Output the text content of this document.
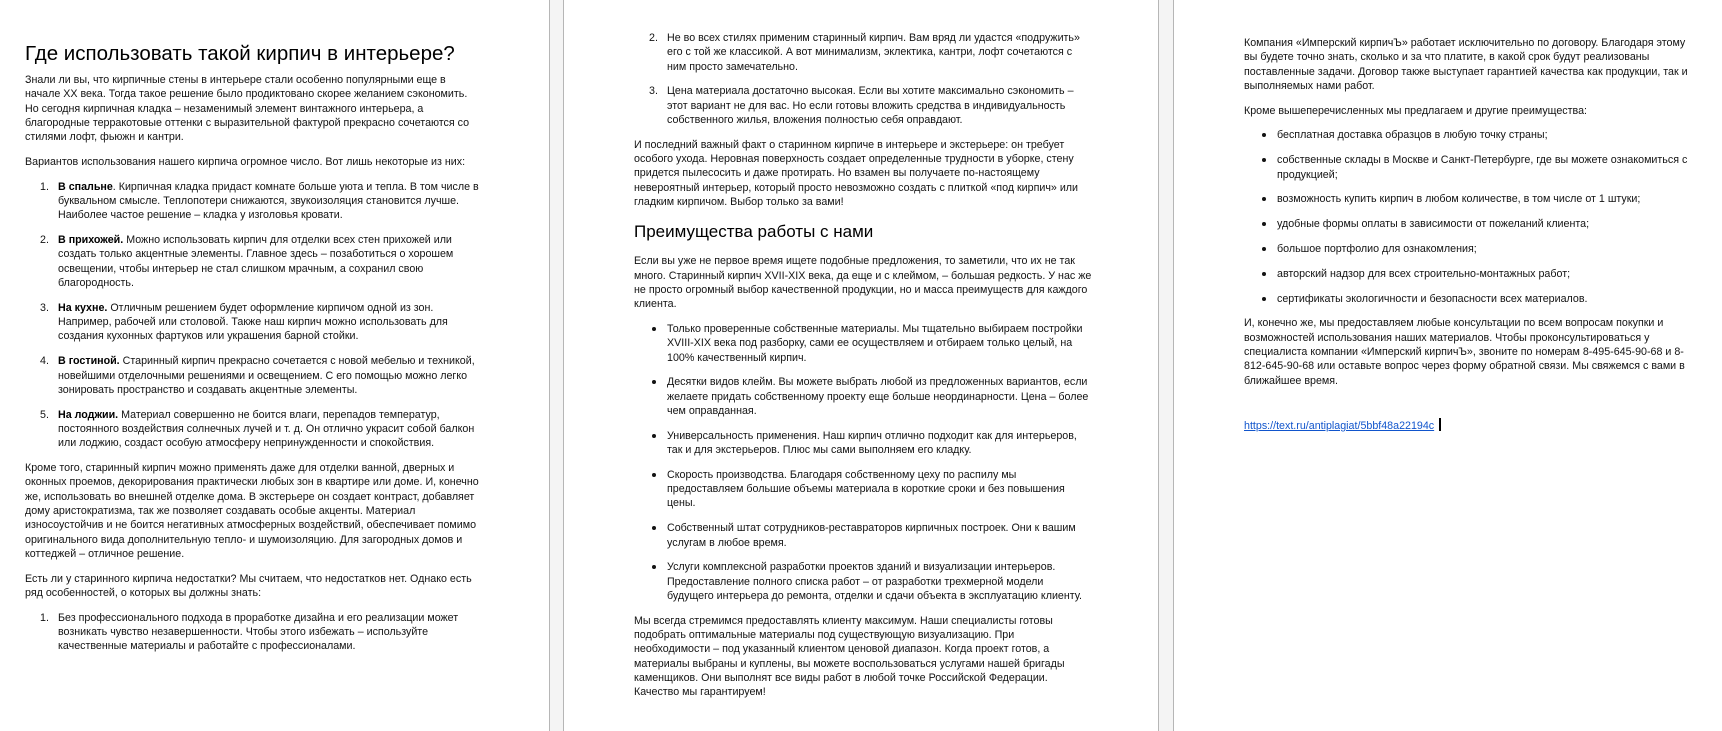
Где использовать такой кирпич в интерьере?

Знали ли вы, что кирпичные стены в интерьере стали особенно популярными еще в начале XX века. Тогда такое решение было продиктовано скорее желанием сэкономить. Но сегодня кирпичная кладка – незаменимый элемент винтажного интерьера, а благородные терракотовые оттенки с выразительной фактурой прекрасно сочетаются со стилями лофт, фьюжн и кантри.

Вариантов использования нашего кирпича огромное число. Вот лишь некоторые из них:

1. В спальне. Кирпичная кладка придаст комнате больше уюта и тепла. В том числе в буквальном смысле. Теплопотери снижаются, звукоизоляция становится лучше. Наиболее частое решение – кладка у изголовья кровати.
2. В прихожей. Можно использовать кирпич для отделки всех стен прихожей или создать только акцентные элементы. Главное здесь – позаботиться о хорошем освещении, чтобы интерьер не стал слишком мрачным, а сохранил свою благородность.
3. На кухне. Отличным решением будет оформление кирпичом одной из зон. Например, рабочей или столовой. Также наш кирпич можно использовать для создания кухонных фартуков или украшения барной стойки.
4. В гостиной. Старинный кирпич прекрасно сочетается с новой мебелью и техникой, новейшими отделочными решениями и освещением. С его помощью можно легко зонировать пространство и создавать акцентные элементы.
5. На лоджии. Материал совершенно не боится влаги, перепадов температур, постоянного воздействия солнечных лучей и т. д. Он отлично украсит собой балкон или лоджию, создаст особую атмосферу непринужденности и спокойствия.

Кроме того, старинный кирпич можно применять даже для отделки ванной, дверных и оконных проемов, декорирования практически любых зон в квартире или доме. И, конечно же, использовать во внешней отделке дома. В экстерьере он создает контраст, добавляет дому аристократизма, так же позволяет создавать особые акценты. Материал износоустойчив и не боится негативных атмосферных воздействий, обеспечивает помимо оригинального вида дополнительную тепло- и шумоизоляцию. Для загородных домов и коттеджей – отличное решение.

Есть ли у старинного кирпича недостатки? Мы считаем, что недостатков нет. Однако есть ряд особенностей, о которых вы должны знать:

1. Без профессионального подхода в проработке дизайна и его реализации может возникать чувство незавершенности. Чтобы этого избежать – используйте качественные материалы и работайте с профессионалами.
2. Не во всех стилях применим старинный кирпич. Вам вряд ли удастся «подружить» его с той же классикой. А вот минимализм, эклектика, кантри, лофт сочетаются с ним просто замечательно.
3. Цена материала достаточно высокая. Если вы хотите максимально сэкономить – этот вариант не для вас. Но если готовы вложить средства в индивидуальность собственного жилья, вложения полностью себя оправдают.

И последний важный факт о старинном кирпиче в интерьере и экстерьере: он требует особого ухода. Неровная поверхность создает определенные трудности в уборке, стену придется пылесосить и даже протирать. Но взамен вы получаете по-настоящему невероятный интерьер, который просто невозможно создать с плиткой «под кирпич» или гладким кирпичом. Выбор только за вами!

Преимущества работы с нами

Если вы уже не первое время ищете подобные предложения, то заметили, что их не так много. Старинный кирпич XVII-XIX века, да еще и с клеймом, – большая редкость. У нас же не просто огромный выбор качественной продукции, но и масса преимуществ для каждого клиента.

Только проверенные собственные материалы. Мы тщательно выбираем постройки XVIII-XIX века под разборку, сами ее осуществляем и отбираем только целый, на 100% качественный кирпич.
Десятки видов клейм. Вы можете выбрать любой из предложенных вариантов, если желаете придать собственному проекту еще больше неординарности. Цена – более чем оправданная.
Универсальность применения. Наш кирпич отлично подходит как для интерьеров, так и для экстерьеров. Плюс мы сами выполняем его кладку.
Скорость производства. Благодаря собственному цеху по распилу мы предоставляем большие объемы материала в короткие сроки и без повышения цены.
Собственный штат сотрудников-реставраторов кирпичных построек. Они к вашим услугам в любое время.
Услуги комплексной разработки проектов зданий и визуализации интерьеров. Предоставление полного списка работ – от разработки трехмерной модели будущего интерьера до ремонта, отделки и сдачи объекта в эксплуатацию клиенту.

Мы всегда стремимся предоставлять клиенту максимум. Наши специалисты готовы подобрать оптимальные материалы под существующую визуализацию. При необходимости – под указанный клиентом ценовой диапазон. Когда проект готов, а материалы выбраны и куплены, вы можете воспользоваться услугами нашей бригады каменщиков. Они выполнят все виды работ в любой точке Российской Федерации. Качество мы гарантируем!

Компания «Имперский кирпичЪ» работает исключительно по договору. Благодаря этому вы будете точно знать, сколько и за что платите, в какой срок будут реализованы поставленные задачи. Договор также выступает гарантией качества как продукции, так и выполняемых нами работ.

Кроме вышеперечисленных мы предлагаем и другие преимущества:

бесплатная доставка образцов в любую точку страны;
собственные склады в Москве и Санкт-Петербурге, где вы можете ознакомиться с продукцией;
возможность купить кирпич в любом количестве, в том числе от 1 штуки;
удобные формы оплаты в зависимости от пожеланий клиента;
большое портфолио для ознакомления;
авторский надзор для всех строительно-монтажных работ;
сертификаты экологичности и безопасности всех материалов.

И, конечно же, мы предоставляем любые консультации по всем вопросам покупки и возможностей использования наших материалов. Чтобы проконсультироваться у специалиста компании «Имперский кирпичЪ», звоните по номерам 8-495-645-90-68 и 8-812-645-90-68 или оставьте вопрос через форму обратной связи. Мы свяжемся с вами в ближайшее время.

https://text.ru/antiplagiat/5bbf48a22194c
